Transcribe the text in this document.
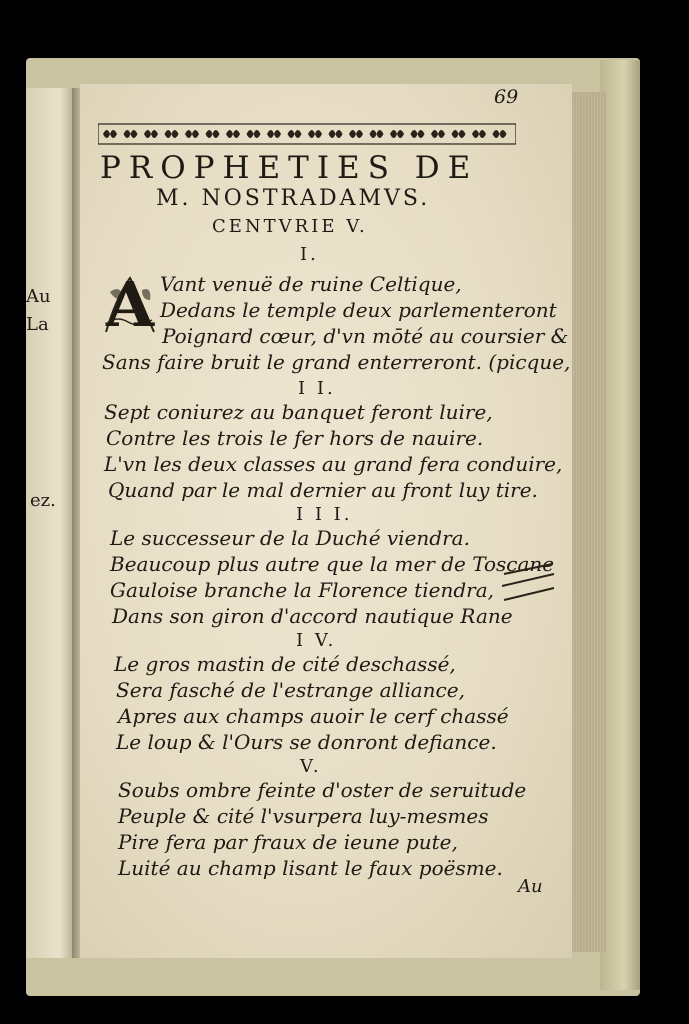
Au
La
ez.
69
PROPHETIES DE
M. NOSTRADAMVS.
CENTVRIE V.
I.
A Vant venuë de ruine Celtique,
Dedans le temple deux parlementeront
Poignard cœur, d'vn mōté au coursier &
Sans faire bruit le grand enterreront. (picque,
I I.
Sept coniurez au banquet feront luire,
Contre les trois le fer hors de nauire.
L'vn les deux classes au grand fera conduire,
Quand par le mal dernier au front luy tire.
I I I.
Le successeur de la Duché viendra.
Beaucoup plus autre que la mer de Toscane
Gauloise branche la Florence tiendra,
Dans son giron d'accord nautique Rane
I V.
Le gros mastin de cité deschassé,
Sera fasché de l'estrange alliance,
Apres aux champs auoir le cerf chassé
Le loup & l'Ours se donront defiance.
V.
Soubs ombre feinte d'oster de seruitude
Peuple & cité l'vsurpera luy-mesmes
Pire fera par fraux de ieune pute,
Luité au champ lisant le faux poësme.
Au
